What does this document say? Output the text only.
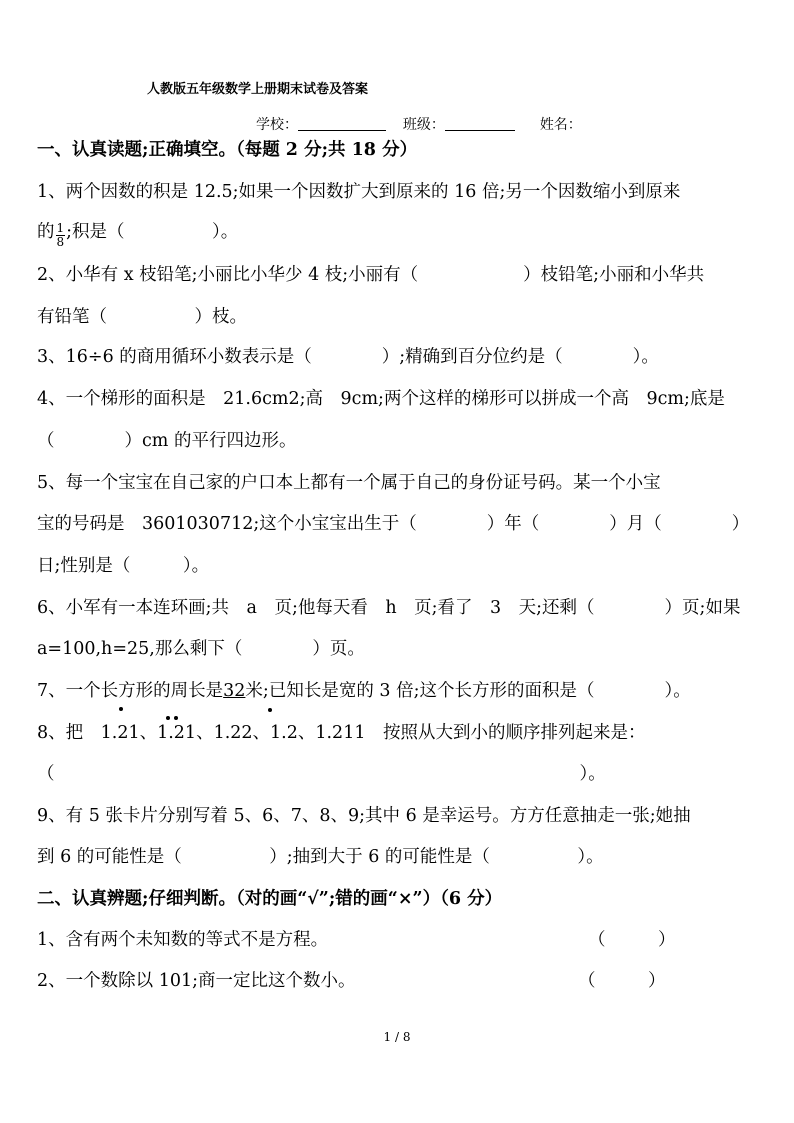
人教版五年级数学上册期末试卷及答案
学校：	班级：	姓名：
一、认真读题;正确填空。（每题 2 分;共 18 分）
1、两个因数的积是 12.5;如果一个因数扩大到原来的 16 倍;另一个因数缩小到原来
的 $\frac{1}{8}$ ;积是（　　　　　）。
2、小华有 x 枝铅笔;小丽比小华少 4 枝;小丽有（　　　　　　）枝铅笔;小丽和小华共
有铅笔（　　　　　）枝。
3、16÷6 的商用循环小数表示是（　　　　）;精确到百分位约是（　　　　）。
4、一个梯形的面积是　21.6cm2;高　9cm;两个这样的梯形可以拼成一个高　9cm;底是
（　　　　）cm 的平行四边形。
5、每一个宝宝在自己家的户口本上都有一个属于自己的身份证号码。某一个小宝
宝的号码是　3601030712;这个小宝宝出生于（　　　　）年（　　　　）月（　　　　）
日;性别是（　　　）。
6、小军有一本连环画;共　a　页;他每天看　h　页;看了　3　天;还剩（　　　　）页;如果
a=100,h=25,那么剩下（　　　　）页。
7、一个长方形的周长是32米;已知长是宽的 3 倍;这个长方形的面积是（　　　　）。
8、把　1.21、1.21、1.22、1.2、1.211　按照从大到小的顺序排列起来是：
（　　　　　　　　　　　　　　　　　　　　　　　　　　　　　　）。
9、有 5 张卡片分别写着 5、6、7、8、9;其中 6 是幸运号。方方任意抽走一张;她抽
到 6 的可能性是（　　　　　）;抽到大于 6 的可能性是（　　　　　）。
二、认真辨题;仔细判断。（对的画“√”;错的画“×”）（6 分）
1、含有两个未知数的等式不是方程。	（　　　）
2、一个数除以 101;商一定比这个数小。	（　　　）
1 / 8
